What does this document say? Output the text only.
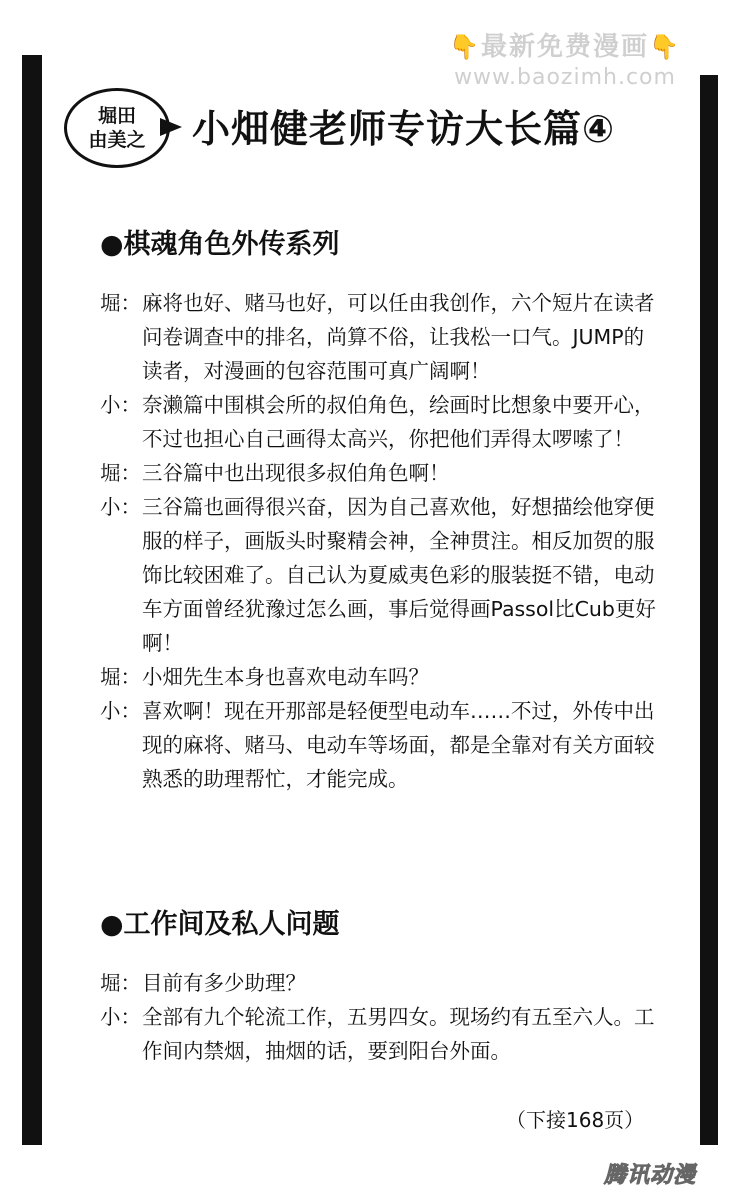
👇最新免费漫画👇
www.baozimh.com
堀田
由美之 小畑健老师专访大长篇④
●棋魂角色外传系列
堀： 麻将也好、赌马也好，可以任由我创作，六个短片在读者问卷调查中的排名，尚算不俗，让我松一口气。JUMP的读者，对漫画的包容范围可真广阔啊！
小： 奈濑篇中围棋会所的叔伯角色，绘画时比想象中要开心，不过也担心自己画得太高兴，你把他们弄得太啰嗦了！
堀： 三谷篇中也出现很多叔伯角色啊！
小： 三谷篇也画得很兴奋，因为自己喜欢他，好想描绘他穿便服的样子，画版头时聚精会神，全神贯注。相反加贺的服饰比较困难了。自己认为夏威夷色彩的服装挺不错，电动车方面曾经犹豫过怎么画，事后觉得画Passol比Cub更好啊！
堀： 小畑先生本身也喜欢电动车吗？
小： 喜欢啊！现在开那部是轻便型电动车……不过，外传中出现的麻将、赌马、电动车等场面，都是全靠对有关方面较熟悉的助理帮忙，才能完成。
●工作间及私人问题
堀： 目前有多少助理？
小： 全部有九个轮流工作，五男四女。现场约有五至六人。工作间内禁烟，抽烟的话，要到阳台外面。
（下接168页）
腾讯动漫
